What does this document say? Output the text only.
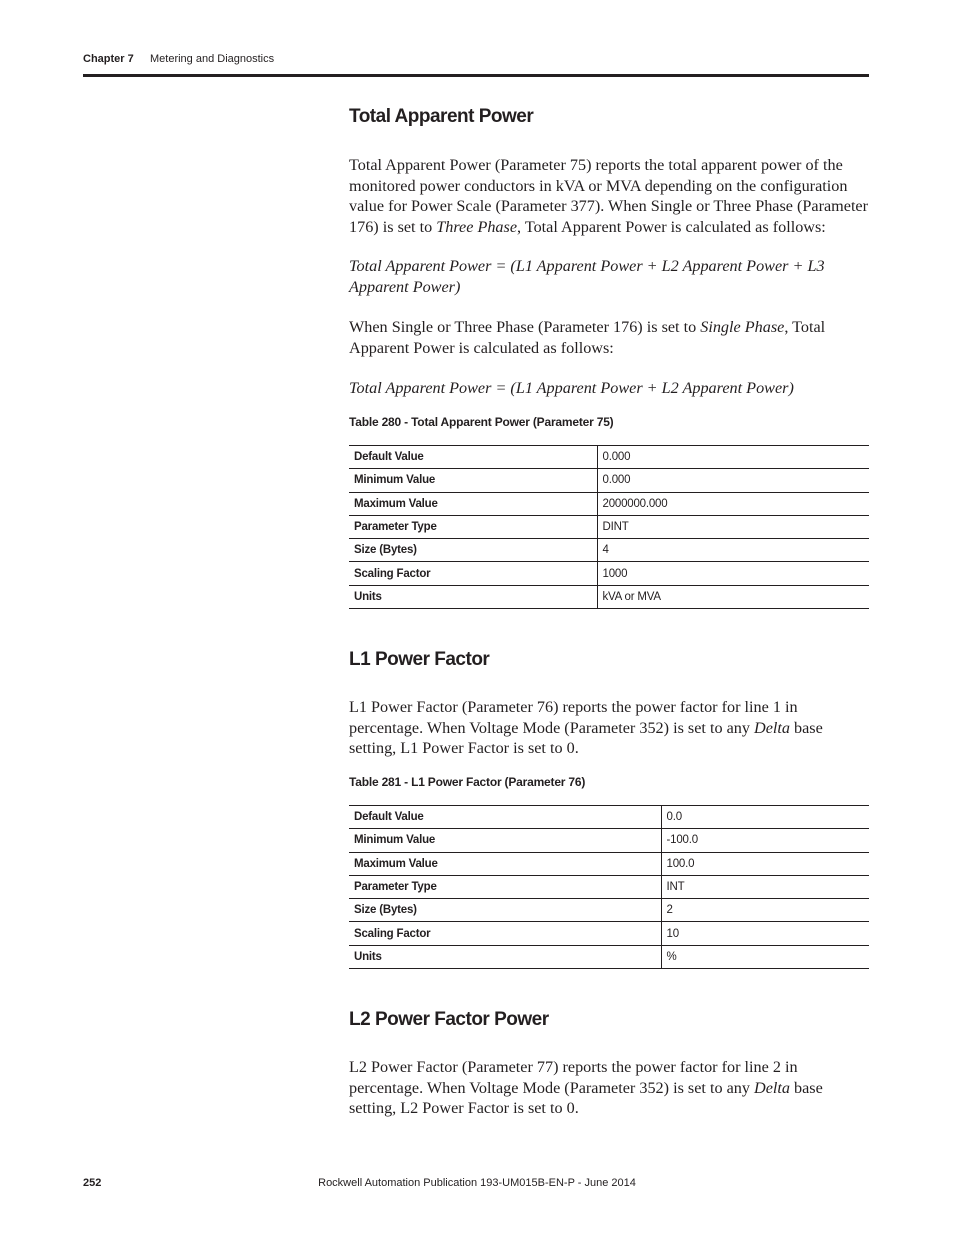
Chapter 7 Metering and Diagnostics
Total Apparent Power

Total Apparent Power (Parameter 75) reports the total apparent power of the monitored power conductors in kVA or MVA depending on the configuration value for Power Scale (Parameter 377). When Single or Three Phase (Parameter 176) is set to Three Phase, Total Apparent Power is calculated as follows:

Total Apparent Power = (L1 Apparent Power + L2 Apparent Power + L3 Apparent Power)

When Single or Three Phase (Parameter 176) is set to Single Phase, Total Apparent Power is calculated as follows:

Total Apparent Power = (L1 Apparent Power + L2 Apparent Power)

Table 280 - Total Apparent Power (Parameter 75)
Default Value	0.000
Minimum Value	0.000
Maximum Value	2000000.000
Parameter Type	DINT
Size (Bytes)	4
Scaling Factor	1000
Units	kVA or MVA
L1 Power Factor

L1 Power Factor (Parameter 76) reports the power factor for line 1 in percentage. When Voltage Mode (Parameter 352) is set to any Delta base setting, L1 Power Factor is set to 0.

Table 281 - L1 Power Factor (Parameter 76)
Default Value	0.0
Minimum Value	-100.0
Maximum Value	100.0
Parameter Type	INT
Size (Bytes)	2
Scaling Factor	10
Units	%
L2 Power Factor Power

L2 Power Factor (Parameter 77) reports the power factor for line 2 in percentage. When Voltage Mode (Parameter 352) is set to any Delta base setting, L2 Power Factor is set to 0.

252	Rockwell Automation Publication 193-UM015B-EN-P - June 2014
